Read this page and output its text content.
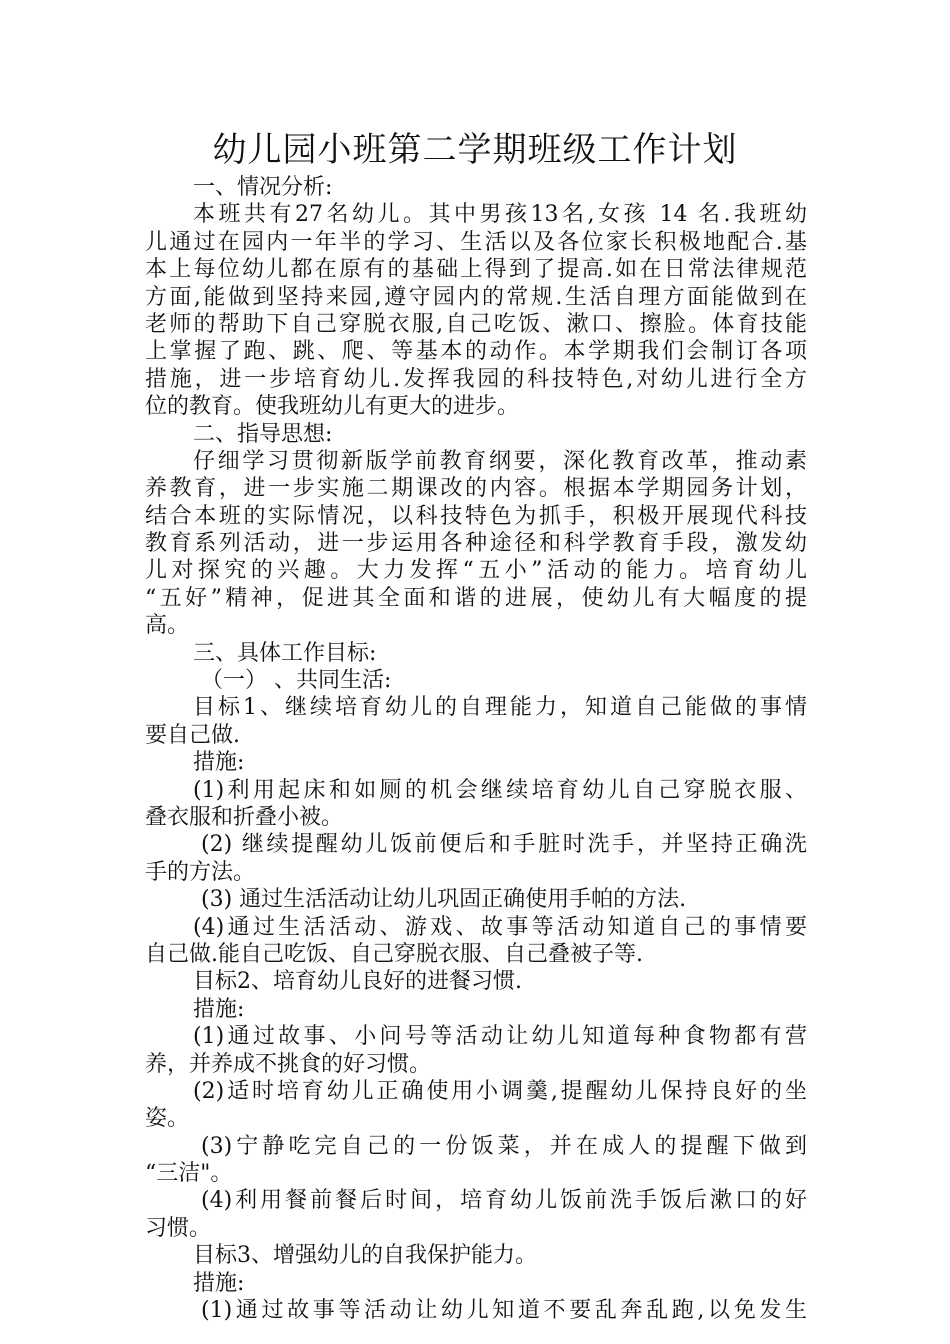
幼儿园小班第二学期班级工作计划

一、情况分析:

本班共有27名幼儿。其中男孩13名,女孩 14 名.我班幼

儿通过在园内一年半的学习、生活以及各位家长积极地配合.基

本上每位幼儿都在原有的基础上得到了提高.如在日常法律规范

方面,能做到坚持来园,遵守园内的常规.生活自理方面能做到在

老师的帮助下自己穿脱衣服,自己吃饭、漱口、擦脸。体育技能

上掌握了跑、跳、爬、等基本的动作。本学期我们会制订各项

措施，进一步培育幼儿.发挥我园的科技特色,对幼儿进行全方

位的教育。使我班幼儿有更大的进步。

二、指导思想:

仔细学习贯彻新版学前教育纲要，深化教育改革，推动素

养教育，进一步实施二期课改的内容。根据本学期园务计划，

结合本班的实际情况，以科技特色为抓手，积极开展现代科技

教育系列活动，进一步运用各种途径和科学教育手段，激发幼

儿对探究的兴趣。大力发挥“五小”活动的能力。培育幼儿

“五好”精神，促进其全面和谐的进展，使幼儿有大幅度的提

高。

三、具体工作目标:

（一） 、共同生活:

目标1、继续培育幼儿的自理能力，知道自己能做的事情

要自己做.

措施:

(1)利用起床和如厕的机会继续培育幼儿自己穿脱衣服、

叠衣服和折叠小被。

(2) 继续提醒幼儿饭前便后和手脏时洗手，并坚持正确洗

手的方法。

(3) 通过生活活动让幼儿巩固正确使用手帕的方法.

(4)通过生活活动、游戏、故事等活动知道自己的事情要

自己做.能自己吃饭、自己穿脱衣服、自己叠被子等.

目标2、培育幼儿良好的进餐习惯.

措施:

(1)通过故事、小问号等活动让幼儿知道每种食物都有营

养，并养成不挑食的好习惯。

(2)适时培育幼儿正确使用小调羹,提醒幼儿保持良好的坐

姿。

(3)宁静吃完自己的一份饭菜，并在成人的提醒下做到

“三洁"。

(4)利用餐前餐后时间，培育幼儿饭前洗手饭后漱口的好

习惯。

目标3、增强幼儿的自我保护能力。

措施:

(1)通过故事等活动让幼儿知道不要乱奔乱跑,以免发生
